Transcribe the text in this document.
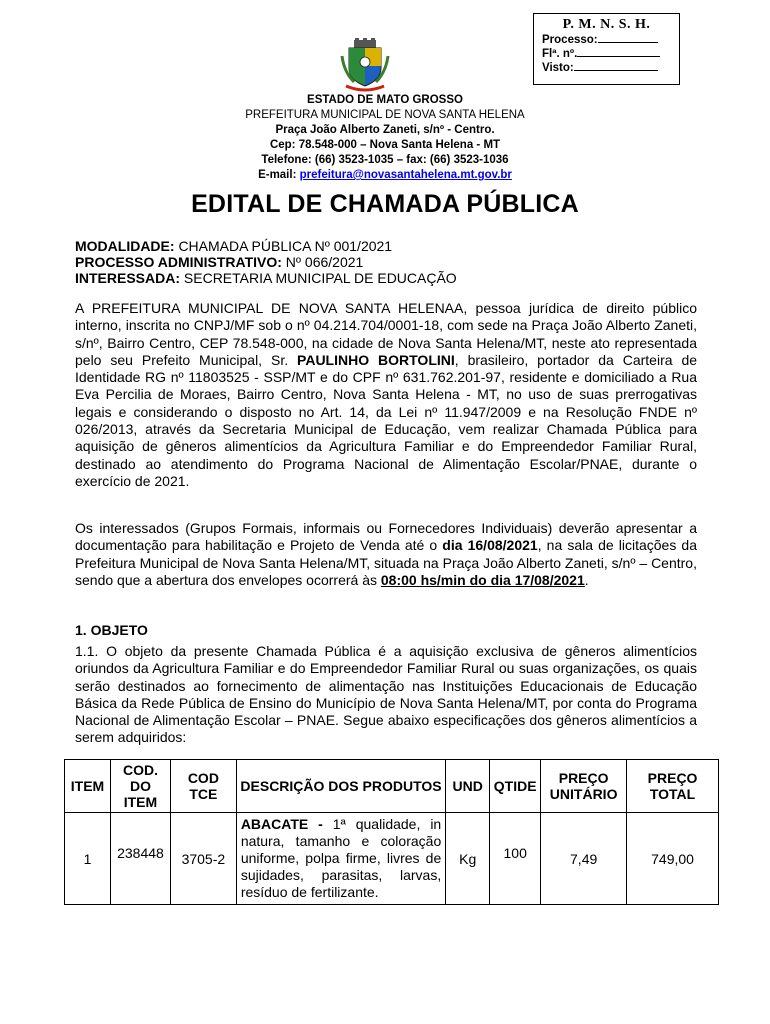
P. M. N. S. H.
Processo:
Flª. nº.
Visto:
ESTADO DE MATO GROSSO
PREFEITURA MUNICIPAL DE NOVA SANTA HELENA
Praça João Alberto Zaneti, s/nº - Centro.
Cep: 78.548-000 – Nova Santa Helena - MT
Telefone: (66) 3523-1035 – fax: (66) 3523-1036
E-mail: prefeitura@novasantahelena.mt.gov.br
EDITAL DE CHAMADA PÚBLICA
MODALIDADE: CHAMADA PÚBLICA Nº 001/2021
PROCESSO ADMINISTRATIVO: Nº 066/2021
INTERESSADA: SECRETARIA MUNICIPAL DE EDUCAÇÃO
A PREFEITURA MUNICIPAL DE NOVA SANTA HELENAA, pessoa jurídica de direito público interno, inscrita no CNPJ/MF sob o nº 04.214.704/0001-18, com sede na Praça João Alberto Zaneti, s/nº, Bairro Centro, CEP 78.548-000, na cidade de Nova Santa Helena/MT, neste ato representada pelo seu Prefeito Municipal, Sr. PAULINHO BORTOLINI, brasileiro, portador da Carteira de Identidade RG nº 11803525 - SSP/MT e do CPF nº 631.762.201-97, residente e domiciliado a Rua Eva Percilia de Moraes, Bairro Centro, Nova Santa Helena - MT, no uso de suas prerrogativas legais e considerando o disposto no Art. 14, da Lei nº 11.947/2009 e na Resolução FNDE nº 026/2013, através da Secretaria Municipal de Educação, vem realizar Chamada Pública para aquisição de gêneros alimentícios da Agricultura Familiar e do Empreendedor Familiar Rural, destinado ao atendimento do Programa Nacional de Alimentação Escolar/PNAE, durante o exercício de 2021.
Os interessados (Grupos Formais, informais ou Fornecedores Individuais) deverão apresentar a documentação para habilitação e Projeto de Venda até o dia 16/08/2021, na sala de licitações da Prefeitura Municipal de Nova Santa Helena/MT, situada na Praça João Alberto Zaneti, s/nº – Centro, sendo que a abertura dos envelopes ocorrerá às 08:00 hs/min do dia 17/08/2021.
1. OBJETO
1.1. O objeto da presente Chamada Pública é a aquisição exclusiva de gêneros alimentícios oriundos da Agricultura Familiar e do Empreendedor Familiar Rural ou suas organizações, os quais serão destinados ao fornecimento de alimentação nas Instituições Educacionais de Educação Básica da Rede Pública de Ensino do Município de Nova Santa Helena/MT, por conta do Programa Nacional de Alimentação Escolar – PNAE. Segue abaixo especificações dos gêneros alimentícios a serem adquiridos:
ITEM	COD. DO ITEM	COD TCE	DESCRIÇÃO DOS PRODUTOS	UND	QTIDE	PREÇO UNITÁRIO	PREÇO TOTAL
1	238448	3705-2	ABACATE - 1ª qualidade, in natura, tamanho e coloração uniforme, polpa firme, livres de sujidades, parasitas, larvas, resíduo de fertilizante.	Kg	100	7,49	749,00
